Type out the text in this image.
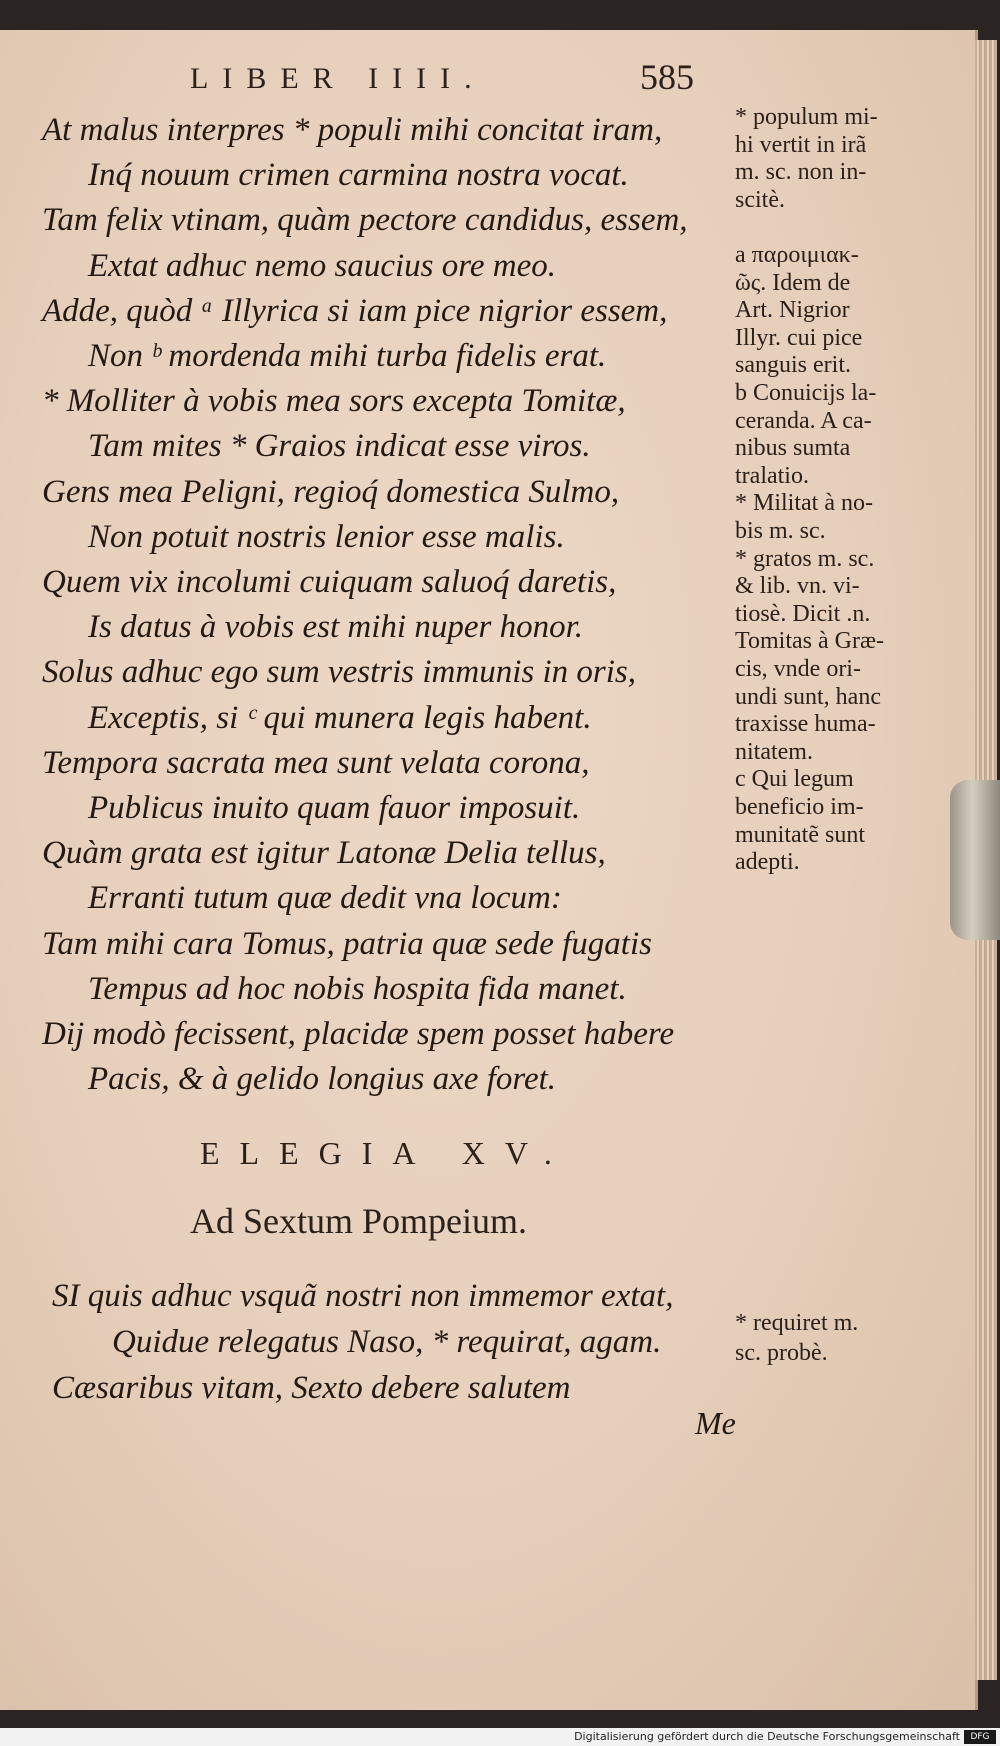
LIBER IIII.	585
At malus interpres * populi mihi concitat iram,
Inq́ nouum crimen carmina nostra vocat.
Tam felix vtinam, quàm pectore candidus, essem,
Extat adhuc nemo saucius ore meo.
Adde, quòd ᵃ Illyrica si iam pice nigrior essem,
Non ᵇ mordenda mihi turba fidelis erat.
* Molliter à vobis mea sors excepta Tomitæ,
Tam mites * Graios indicat esse viros.
Gens mea Peligni, regioq́ domestica Sulmo,
Non potuit nostris lenior esse malis.
Quem vix incolumi cuiquam saluoq́ daretis,
Is datus à vobis est mihi nuper honor.
Solus adhuc ego sum vestris immunis in oris,
Exceptis, si ᶜ qui munera legis habent.
Tempora sacrata mea sunt velata corona,
Publicus inuito quam fauor imposuit.
Quàm grata est igitur Latonæ Delia tellus,
Erranti tutum quæ dedit vna locum:
Tam mihi cara Tomus, patria quæ sede fugatis
Tempus ad hoc nobis hospita fida manet.
Dij modò fecissent, placidæ spem posset habere
Pacis, & à gelido longius axe foret.
* populum mi-
hi vertit in irã
m. sc. non in-
scitè.
a παροιμιακ-
ῶς. Idem de
Art. Nigrior
Illyr. cui pice
sanguis erit.
b Conuicijs la-
ceranda. A ca-
nibus sumta
tralatio.
* Militat à no-
bis m. sc.
* gratos m. sc.
& lib. vn. vi-
tiosè. Dicit .n.
Tomitas à Græ-
cis, vnde ori-
undi sunt, hanc
traxisse huma-
nitatem.
c Qui legum
beneficio im-
munitatẽ sunt
adepti.
ELEGIA XV.
Ad Sextum Pompeium.
SI quis adhuc vsquã nostri non immemor extat,
Quidue relegatus Naso, * requirat, agam.
Cæsaribus vitam, Sexto debere salutem
* requiret m.
sc. probè.
Me
Digitalisierung gefördert durch die Deutsche Forschungsgemeinschaft	DFG
